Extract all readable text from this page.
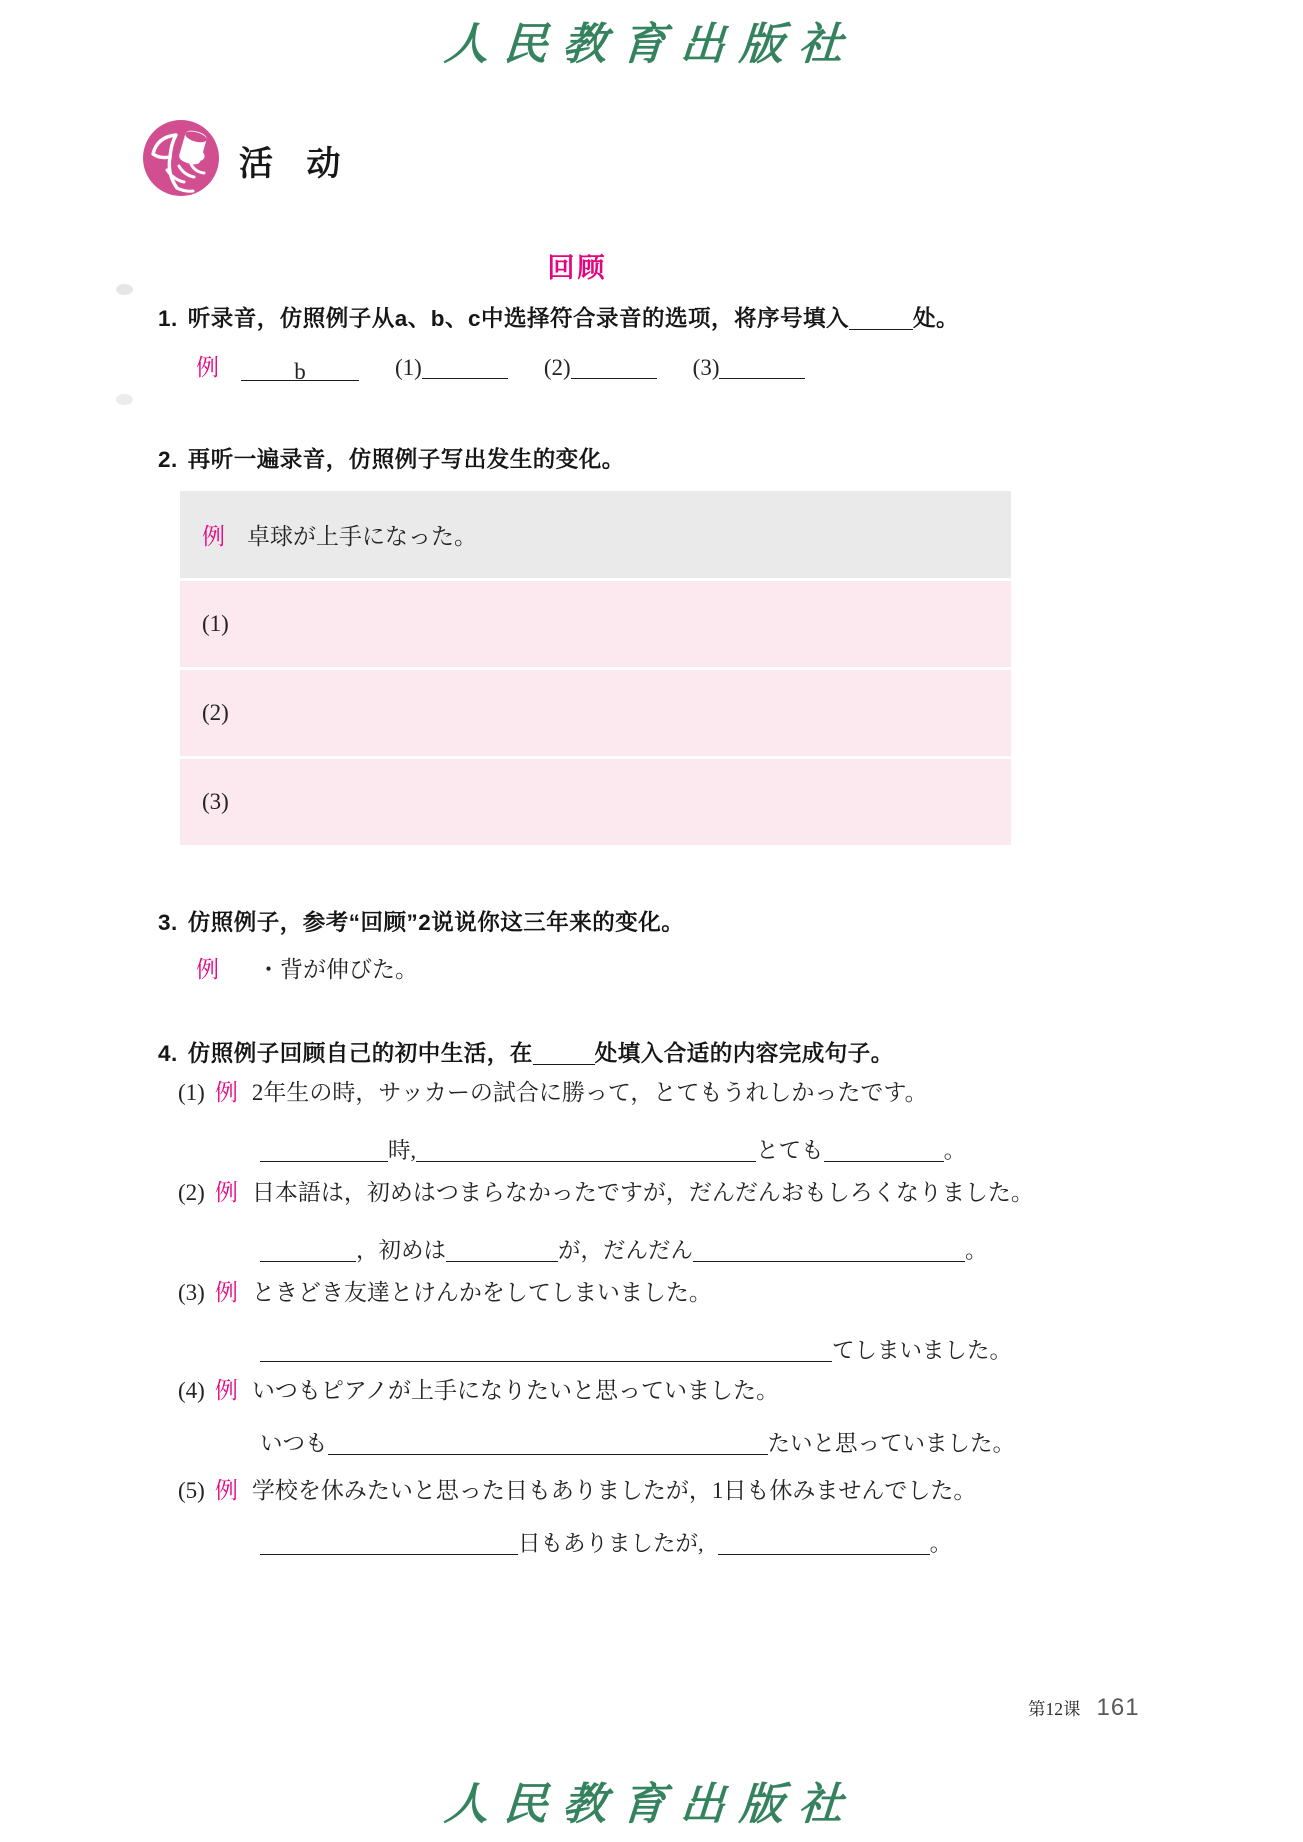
人民教育出版社
活 动
回顾
1. 听录音，仿照例子从a、b、c中选择符合录音的选项，将序号填入	处。
例	b	(1)	(2)	(3)
2. 再听一遍录音，仿照例子写出发生的变化。
例 卓球が上手になった。
(1)
(2)
(3)
3. 仿照例子，参考“回顾”2说说你这三年来的变化。
例 ・背が伸びた。
4. 仿照例子回顾自己的初中生活，在	处填入合适的内容完成句子。
(1) 例 2年生の時，サッカーの試合に勝って，とてもうれしかったです。
時,	とても	。
(2) 例 日本語は，初めはつまらなかったですが，だんだんおもしろくなりました。
，初めは	が，だんだん	。
(3) 例 ときどき友達とけんかをしてしまいました。
てしまいました。
(4) 例 いつもピアノが上手になりたいと思っていました。
いつも	たいと思っていました。
(5) 例 学校を休みたいと思った日もありましたが，1日も休みませんでした。
日もありましたが,	。
第12课 161
人民教育出版社
